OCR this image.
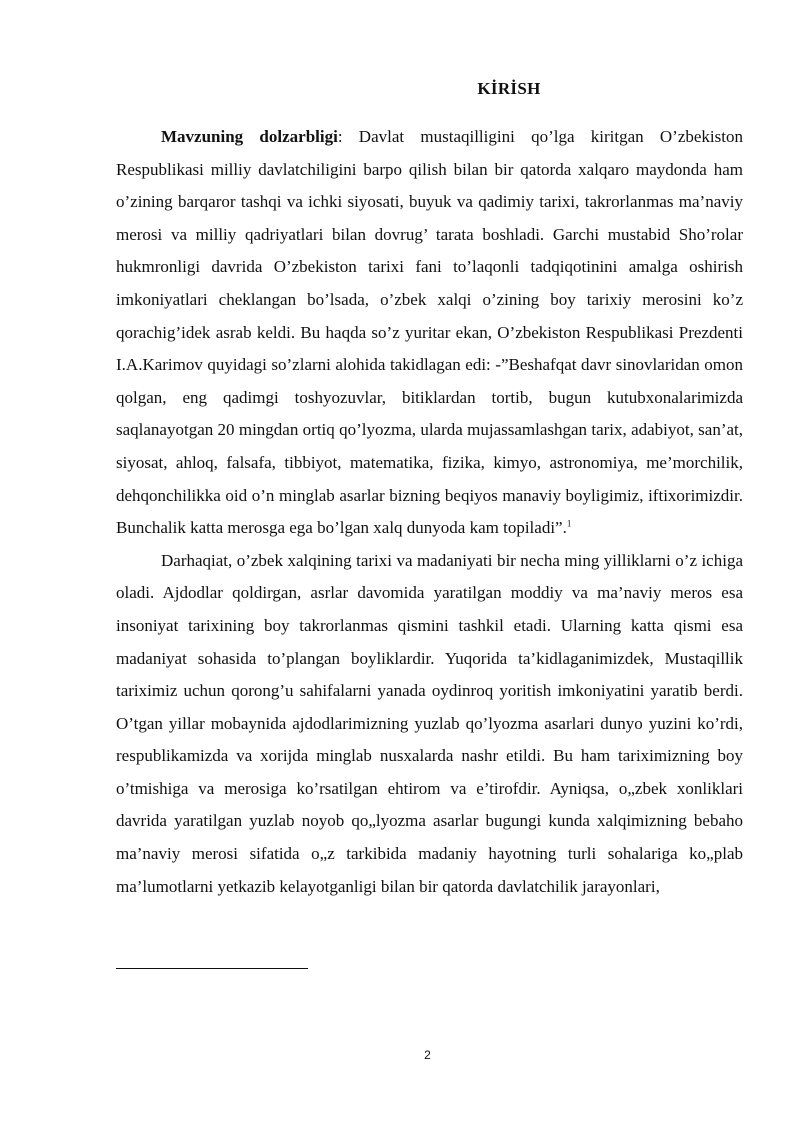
KİRİSH

Mavzuning dolzarbligi: Davlat mustaqilligini qo’lga kiritgan O’zbekiston Respublikasi milliy davlatchiligini barpo qilish bilan bir qatorda xalqaro maydonda ham o’zining barqaror tashqi va ichki siyosati, buyuk va qadimiy tarixi, takrorlanmas ma’naviy merosi va milliy qadriyatlari bilan dovrug’ tarata boshladi. Garchi mustabid Sho’rolar hukmronligi davrida O’zbekiston tarixi fani to’laqonli tadqiqotinini amalga oshirish imkoniyatlari cheklangan bo’lsada, o’zbek xalqi o’zining boy tarixiy merosini ko’z qorachig’idek asrab keldi. Bu haqda so’z yuritar ekan, O’zbekiston Respublikasi Prezdenti I.A.Karimov quyidagi so’zlarni alohida takidlagan edi: -”Beshafqat davr sinovlaridan omon qolgan, eng qadimgi toshyozuvlar, bitiklardan tortib, bugun kutubxonalarimizda saqlanayotgan 20 mingdan ortiq qo’lyozma, ularda mujassamlashgan tarix, adabiyot, san’at, siyosat, ahloq, falsafa, tibbiyot, matematika, fizika, kimyo, astronomiya, me’morchilik, dehqonchilikka oid o’n minglab asarlar bizning beqiyos manaviy boyligimiz, iftixorimizdir. Bunchalik katta merosga ega bo’lgan xalq dunyoda kam topiladi”.$^1$

Darhaqiat, o’zbek xalqining tarixi va madaniyati bir necha ming yilliklarni o’z ichiga oladi. Ajdodlar qoldirgan, asrlar davomida yaratilgan moddiy va ma’naviy meros esa insoniyat tarixining boy takrorlanmas qismini tashkil etadi. Ularning katta qismi esa madaniyat sohasida to’plangan boyliklardir. Yuqorida ta’kidlaganimizdek, Mustaqillik tariximiz uchun qorong’u sahifalarni yanada oydinroq yoritish imkoniyatini yaratib berdi. O’tgan yillar mobaynida ajdodlarimizning yuzlab qo’lyozma asarlari dunyo yuzini ko’rdi, respublikamizda va xorijda minglab nusxalarda nashr etildi. Bu ham tariximizning boy o’tmishiga va merosiga ko’rsatilgan ehtirom va e’tirofdir. Ayniqsa, o„zbek xonliklari davrida yaratilgan yuzlab noyob qo„lyozma asarlar bugungi kunda xalqimizning bebaho ma’naviy merosi sifatida o„z tarkibida madaniy hayotning turli sohalariga ko„plab ma’lumotlarni yetkazib kelayotganligi bilan bir qatorda davlatchilik jarayonlari,

2
